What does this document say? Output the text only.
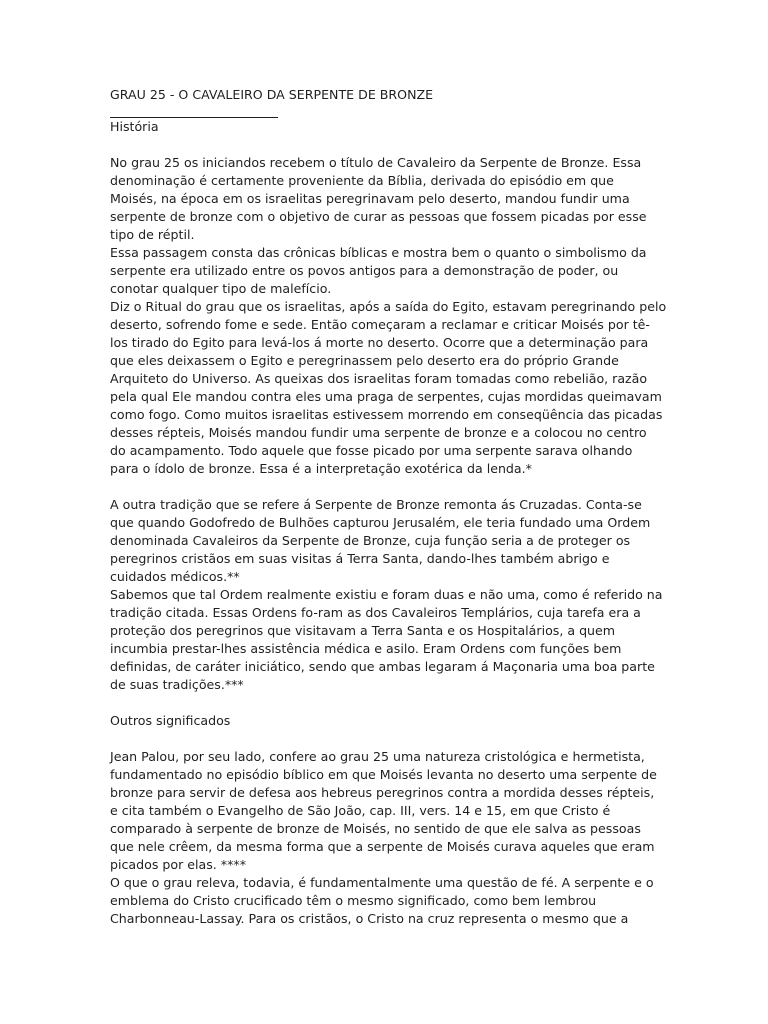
GRAU 25 - O CAVALEIRO DA SERPENTE DE BRONZE
História
No grau 25 os iniciandos recebem o título de Cavaleiro da Serpente de Bronze. Essa
denominação é certamente proveniente da Bíblia, derivada do episódio em que
Moisés, na época em os israelitas peregrinavam pelo deserto, mandou fundir uma
serpente de bronze com o objetivo de curar as pessoas que fossem picadas por esse
tipo de réptil.
Essa passagem consta das crônicas bíblicas e mostra bem o quanto o simbolismo da
serpente era utilizado entre os povos antigos para a demonstração de poder, ou
conotar qualquer tipo de malefício.
Diz o Ritual do grau que os israelitas, após a saída do Egito, estavam peregrinando pelo
deserto, sofrendo fome e sede. Então começaram a reclamar e criticar Moisés por tê-
los tirado do Egito para levá-los á morte no deserto. Ocorre que a determinação para
que eles deixassem o Egito e peregrinassem pelo deserto era do próprio Grande
Arquiteto do Universo. As queixas dos israelitas foram tomadas como rebelião, razão
pela qual Ele mandou contra eles uma praga de serpentes, cujas mordidas queimavam
como fogo. Como muitos israelitas estivessem morrendo em conseqüência das picadas
desses répteis, Moisés mandou fundir uma serpente de bronze e a colocou no centro
do acampamento. Todo aquele que fosse picado por uma serpente sarava olhando
para o ídolo de bronze. Essa é a interpretação exotérica da lenda.*
A outra tradição que se refere á Serpente de Bronze remonta ás Cruzadas. Conta-se
que quando Godofredo de Bulhões capturou Jerusalém, ele teria fundado uma Ordem
denominada Cavaleiros da Serpente de Bronze, cuja função seria a de proteger os
peregrinos cristãos em suas visitas á Terra Santa, dando-lhes também abrigo e
cuidados médicos.**
Sabemos que tal Ordem realmente existiu e foram duas e não uma, como é referido na
tradição citada. Essas Ordens fo-ram as dos Cavaleiros Templários, cuja tarefa era a
proteção dos peregrinos que visitavam a Terra Santa e os Hospitalários, a quem
incumbia prestar-lhes assistência médica e asilo. Eram Ordens com funções bem
definidas, de caráter iniciático, sendo que ambas legaram á Maçonaria uma boa parte
de suas tradições.***
Outros significados
Jean Palou, por seu lado, confere ao grau 25 uma natureza cristológica e hermetista,
fundamentado no episódio bíblico em que Moisés levanta no deserto uma serpente de
bronze para servir de defesa aos hebreus peregrinos contra a mordida desses répteis,
e cita também o Evangelho de São João, cap. III, vers. 14 e 15, em que Cristo é
comparado à serpente de bronze de Moisés, no sentido de que ele salva as pessoas
que nele crêem, da mesma forma que a serpente de Moisés curava aqueles que eram
picados por elas. ****
O que o grau releva, todavia, é fundamentalmente uma questão de fé. A serpente e o
emblema do Cristo crucificado têm o mesmo significado, como bem lembrou
Charbonneau-Lassay. Para os cristãos, o Cristo na cruz representa o mesmo que a
